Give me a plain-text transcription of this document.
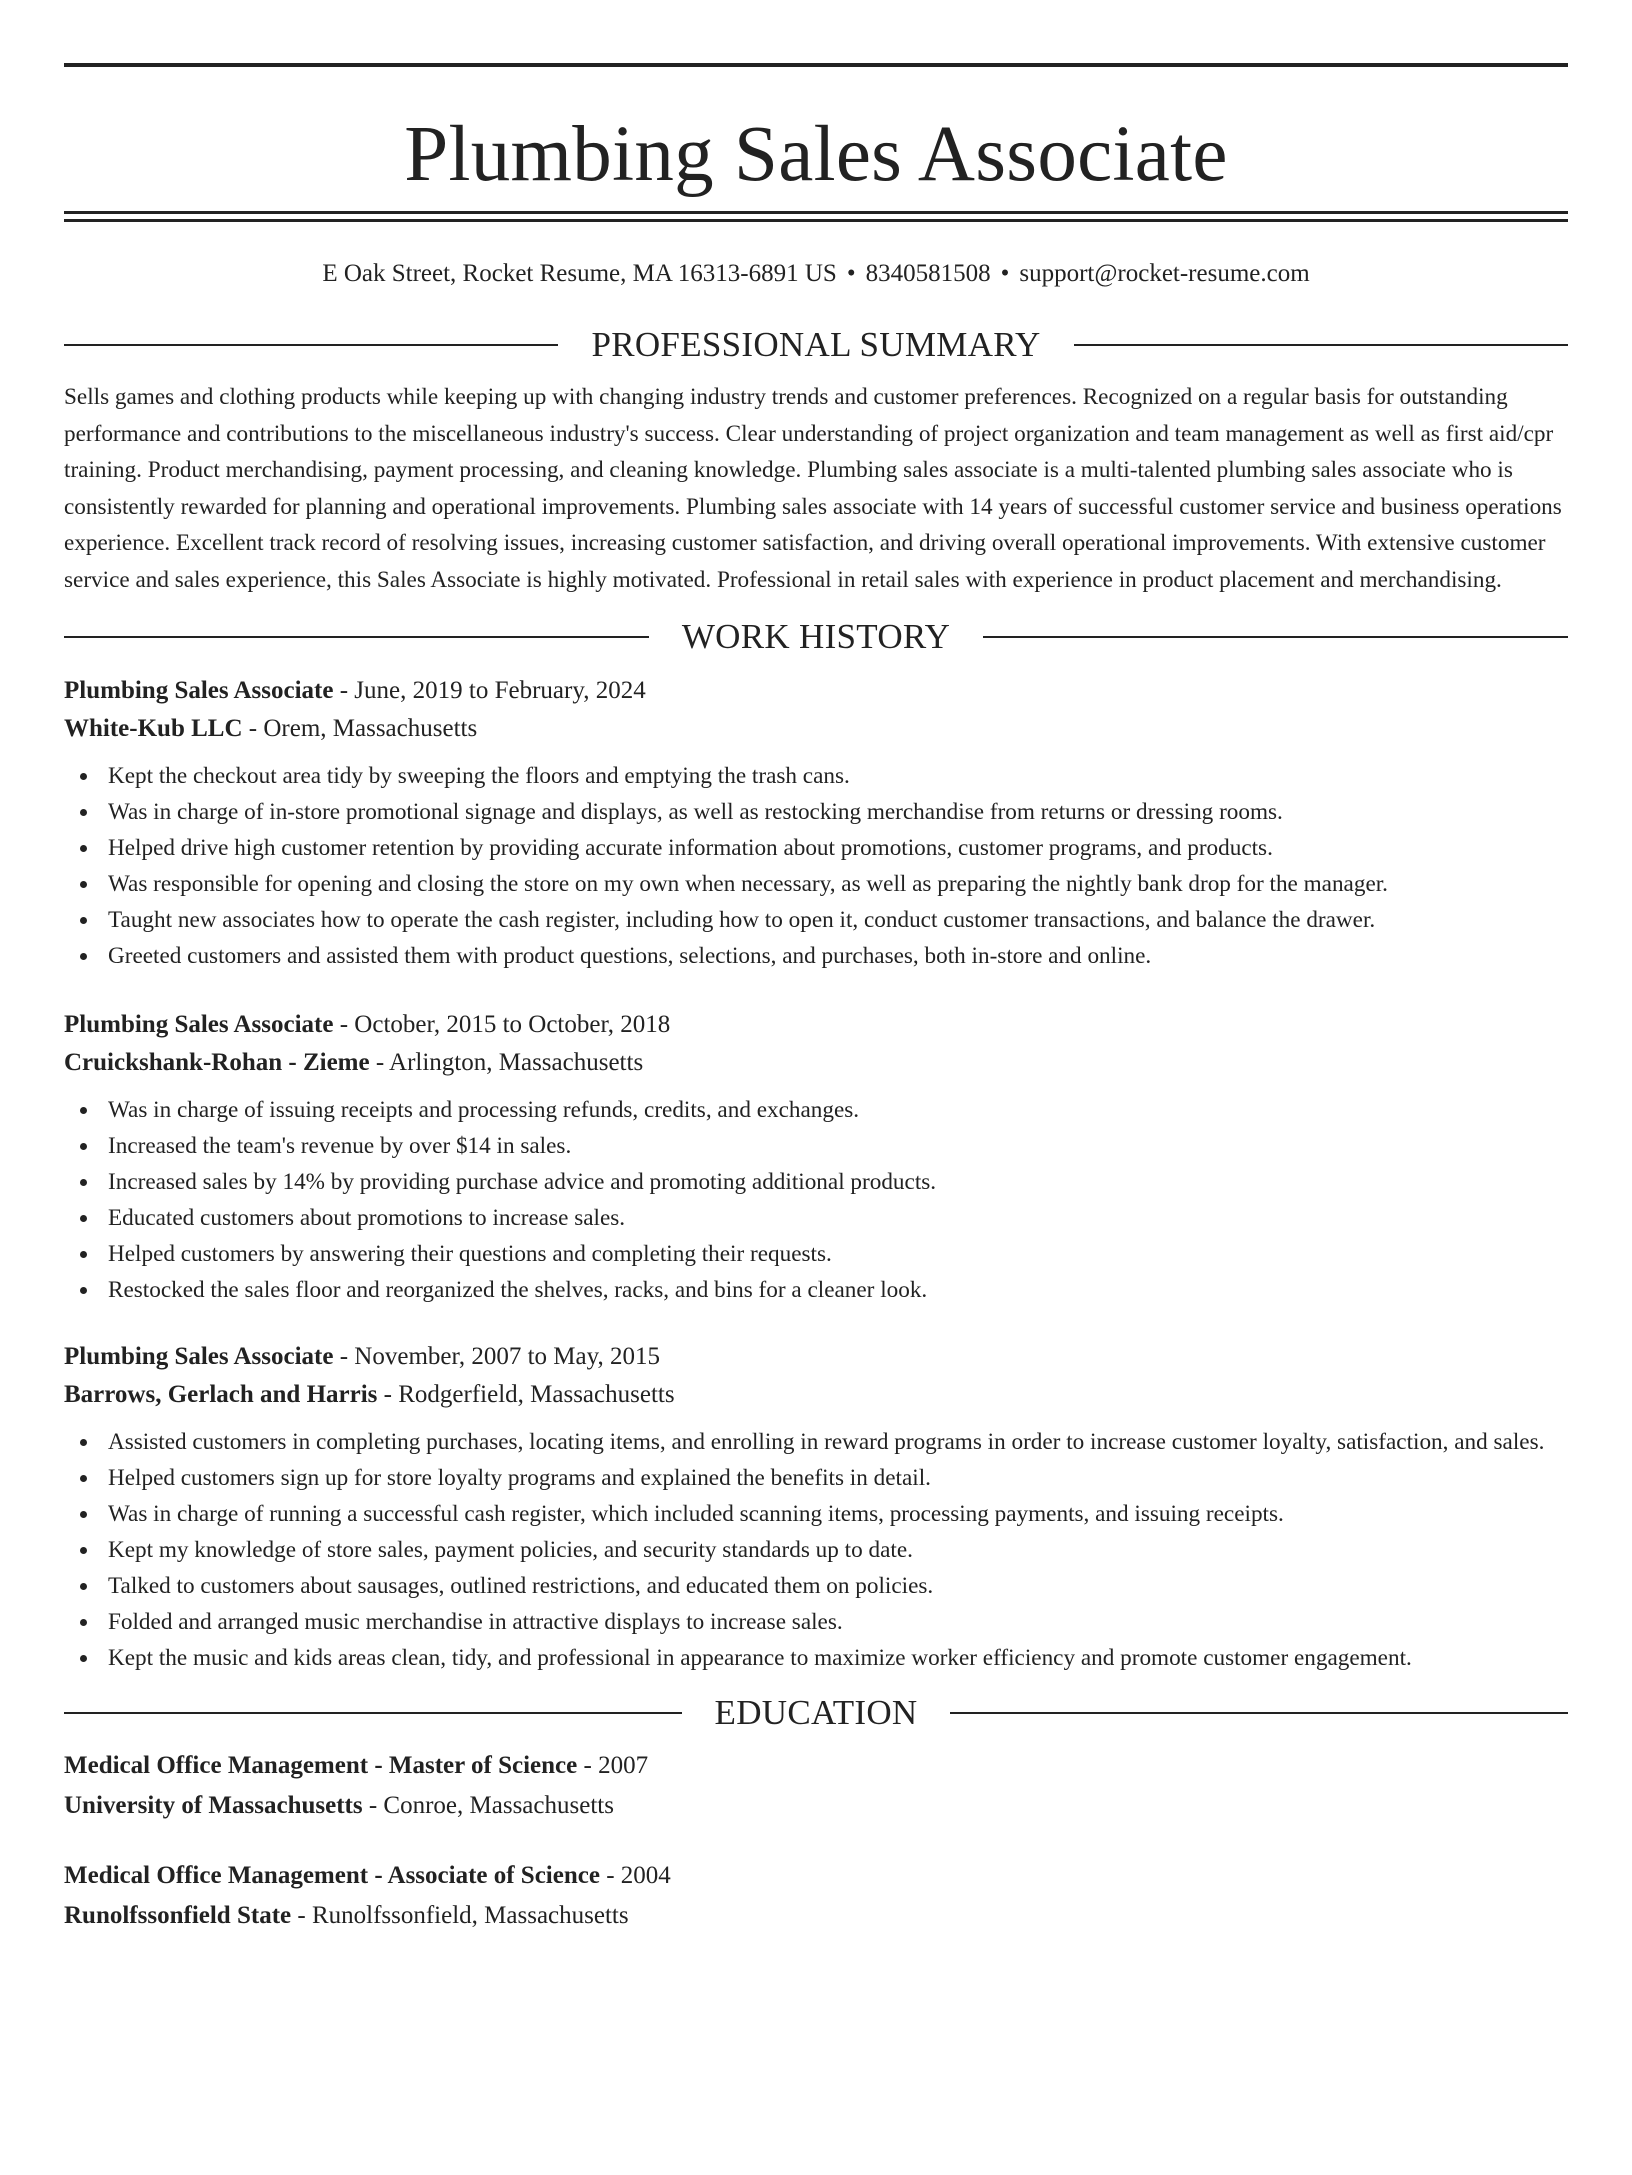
Plumbing Sales Associate
E Oak Street, Rocket Resume, MA 16313-6891 US • 8340581508 • support@rocket-resume.com
PROFESSIONAL SUMMARY
Sells games and clothing products while keeping up with changing industry trends and customer preferences. Recognized on a regular basis for outstanding performance and contributions to the miscellaneous industry's success. Clear understanding of project organization and team management as well as first aid/cpr training. Product merchandising, payment processing, and cleaning knowledge. Plumbing sales associate is a multi-talented plumbing sales associate who is consistently rewarded for planning and operational improvements. Plumbing sales associate with 14 years of successful customer service and business operations experience. Excellent track record of resolving issues, increasing customer satisfaction, and driving overall operational improvements. With extensive customer service and sales experience, this Sales Associate is highly motivated. Professional in retail sales with experience in product placement and merchandising.
WORK HISTORY
Plumbing Sales Associate - June, 2019 to February, 2024
White-Kub LLC - Orem, Massachusetts
Kept the checkout area tidy by sweeping the floors and emptying the trash cans.
Was in charge of in-store promotional signage and displays, as well as restocking merchandise from returns or dressing rooms.
Helped drive high customer retention by providing accurate information about promotions, customer programs, and products.
Was responsible for opening and closing the store on my own when necessary, as well as preparing the nightly bank drop for the manager.
Taught new associates how to operate the cash register, including how to open it, conduct customer transactions, and balance the drawer.
Greeted customers and assisted them with product questions, selections, and purchases, both in-store and online.
Plumbing Sales Associate - October, 2015 to October, 2018
Cruickshank-Rohan - Zieme - Arlington, Massachusetts
Was in charge of issuing receipts and processing refunds, credits, and exchanges.
Increased the team's revenue by over $14 in sales.
Increased sales by 14% by providing purchase advice and promoting additional products.
Educated customers about promotions to increase sales.
Helped customers by answering their questions and completing their requests.
Restocked the sales floor and reorganized the shelves, racks, and bins for a cleaner look.
Plumbing Sales Associate - November, 2007 to May, 2015
Barrows, Gerlach and Harris - Rodgerfield, Massachusetts
Assisted customers in completing purchases, locating items, and enrolling in reward programs in order to increase customer loyalty, satisfaction, and sales.
Helped customers sign up for store loyalty programs and explained the benefits in detail.
Was in charge of running a successful cash register, which included scanning items, processing payments, and issuing receipts.
Kept my knowledge of store sales, payment policies, and security standards up to date.
Talked to customers about sausages, outlined restrictions, and educated them on policies.
Folded and arranged music merchandise in attractive displays to increase sales.
Kept the music and kids areas clean, tidy, and professional in appearance to maximize worker efficiency and promote customer engagement.
EDUCATION
Medical Office Management - Master of Science - 2007
University of Massachusetts - Conroe, Massachusetts
Medical Office Management - Associate of Science - 2004
Runolfssonfield State - Runolfssonfield, Massachusetts
